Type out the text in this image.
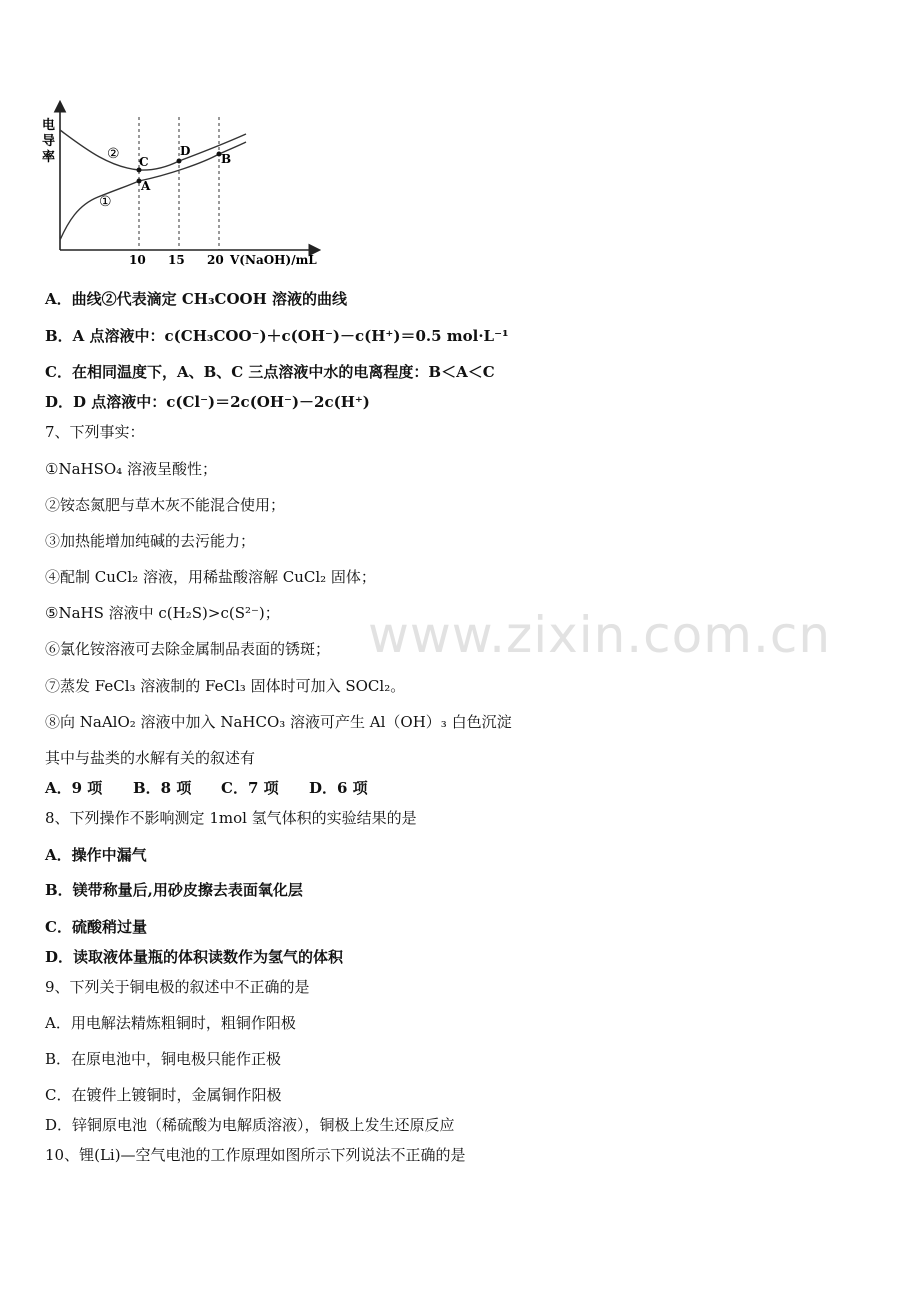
电
导
率	C
A
D
B
②
①
10 15 20 V(NaOH)/mL
A．曲线②代表滴定 CH₃COOH 溶液的曲线
B．A 点溶液中：c(CH₃COO⁻)＋c(OH⁻)－c(H⁺)＝0.5 mol·L⁻¹
C．在相同温度下，A、B、C 三点溶液中水的电离程度：B＜A＜C
D．D 点溶液中：c(Cl⁻)＝2c(OH⁻)－2c(H⁺)
7、下列事实：
①NaHSO₄ 溶液呈酸性；
②铵态氮肥与草木灰不能混合使用；
③加热能增加纯碱的去污能力；
④配制 CuCl₂ 溶液，用稀盐酸溶解 CuCl₂ 固体；
⑤NaHS 溶液中 c(H₂S)>c(S²⁻)；
⑥氯化铵溶液可去除金属制品表面的锈斑；
⑦蒸发 FeCl₃ 溶液制的 FeCl₃ 固体时可加入 SOCl₂。
⑧向 NaAlO₂ 溶液中加入 NaHCO₃ 溶液可产生 Al（OH）₃ 白色沉淀
其中与盐类的水解有关的叙述有
A．9 项 B．8 项 C．7 项 D．6 项
8、下列操作不影响测定 1mol 氢气体积的实验结果的是
A．操作中漏气
B．镁带称量后,用砂皮擦去表面氧化层
C．硫酸稍过量
D．读取液体量瓶的体积读数作为氢气的体积
9、下列关于铜电极的叙述中不正确的是
A．用电解法精炼粗铜时，粗铜作阳极
B．在原电池中，铜电极只能作正极
C．在镀件上镀铜时，金属铜作阳极
D．锌铜原电池（稀硫酸为电解质溶液），铜极上发生还原反应
10、锂(Li)—空气电池的工作原理如图所示下列说法不正确的是
www.zixin.com.cn
